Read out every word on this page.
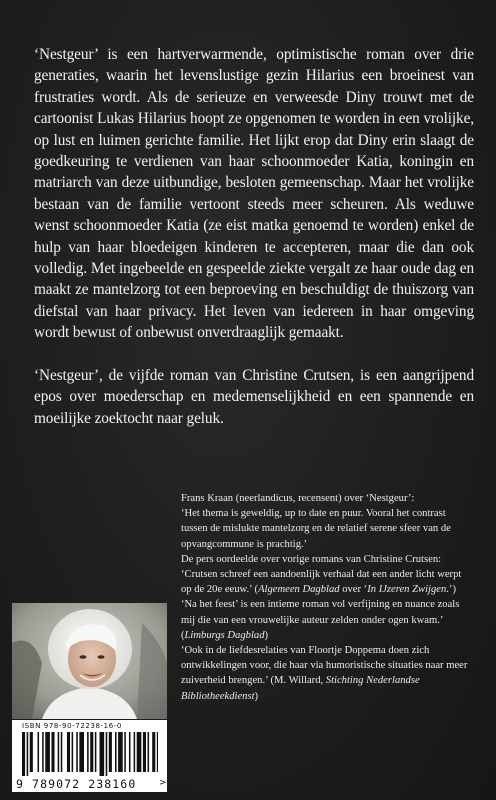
‘Nestgeur’ is een hartverwarmende, optimistische roman over drie generaties, waarin het levenslustige gezin Hilarius een broeinest van frustraties wordt. Als de serieuze en verweesde Diny trouwt met de cartoonist Lukas Hilarius hoopt ze opgenomen te worden in een vrolijke, op lust en luimen gerichte familie. Het lijkt erop dat Diny erin slaagt de goedkeuring te verdienen van haar schoonmoeder Katia, koningin en matriarch van deze uitbundige, besloten gemeenschap. Maar het vrolijke bestaan van de familie vertoont steeds meer scheuren. Als weduwe wenst schoonmoeder Katia (ze eist matka genoemd te worden) enkel de hulp van haar bloedeigen kinderen te accepteren, maar die dan ook volledig. Met ingebeelde en gespeelde ziekte vergalt ze haar oude dag en maakt ze mantelzorg tot een beproeving en beschuldigt de thuiszorg van diefstal van haar privacy. Het leven van iedereen in haar omgeving wordt bewust of onbewust onverdraaglijk gemaakt.

‘Nestgeur’, de vijfde roman van Christine Crutsen, is een aangrijpend epos over moederschap en medemenselijkheid en een spannende en moeilijke zoektocht naar geluk.

Frans Kraan (neerlandicus, recensent) over ‘Nestgeur’:

‘Het thema is geweldig, up to date en puur. Vooral het contrast tussen de mislukte mantelzorg en de relatief serene sfeer van de opvangcommune is prachtig.’

De pers oordeelde over vorige romans van Christine Crutsen:

‘Crutsen schreef een aandoenlijk verhaal dat een ander licht werpt op de 20e eeuw.’ (Algemeen Dagblad over ‘In IJzeren Zwijgen.’)

‘Na het feest’ is een intieme roman vol verfijning en nuance zoals mij die van een vrouwelijke auteur zelden onder ogen kwam.’ (Limburgs Dagblad)

‘Ook in de liefdesrelaties van Floortje Doppema doen zich ontwikkelingen voor, die haar via humoristische situaties naar meer zuiverheid brengen.’ (M. Willard, Stichting Nederlandse Bibliotheekdienst)

ISBN 978-90-72238-16-0
9 789072 238160	>
